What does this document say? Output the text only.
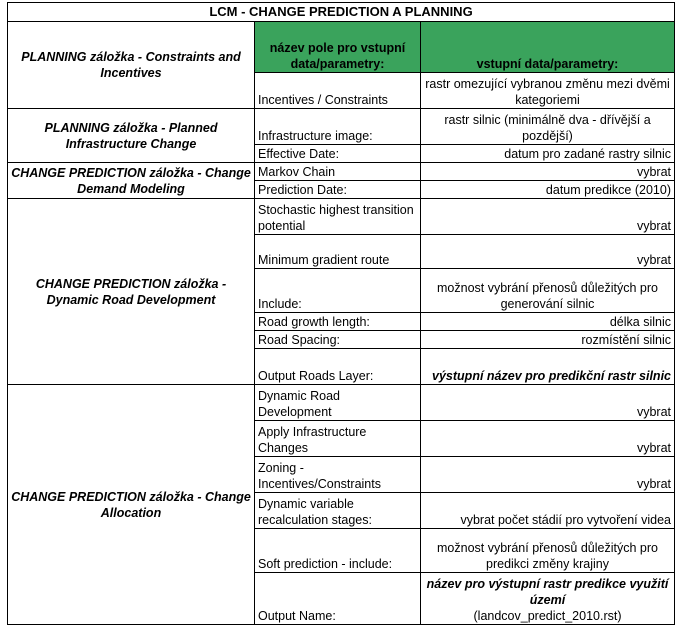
LCM - CHANGE PREDICTION A PLANNING		
PLANNING záložka - Constraints and Incentives	název pole pro vstupní data/parametry:	vstupní data/parametry:
	Incentives / Constraints	rastr omezující vybranou změnu mezi dvěmi kategoriemi
PLANNING záložka - Planned Infrastructure Change	Infrastructure image:	rastr silnic (minimálně dva - dřívější a pozdější)
	Effective Date:	datum pro zadané rastry silnic
CHANGE PREDICTION záložka - Change Demand Modeling	Markov Chain	vybrat
	Prediction Date:	datum predikce (2010)
CHANGE PREDICTION záložka - Dynamic Road Development	Stochastic highest transition potential	vybrat
	Minimum gradient route	vybrat
	Include:	možnost vybrání přenosů důležitých pro generování silnic
	Road growth length:	délka silnic
	Road Spacing:	rozmístění silnic
	Output Roads Layer:	výstupní název pro predikční rastr silnic
CHANGE PREDICTION záložka - Change Allocation	Dynamic Road Development	vybrat
	Apply Infrastructure Changes	vybrat
	Zoning - Incentives/Constraints	vybrat
	Dynamic variable recalculation stages:	vybrat počet stádií pro vytvoření videa
	Soft prediction - include:	možnost vybrání přenosů důležitých pro predikci změny krajiny
	Output Name:	název pro výstupní rastr predikce využití území
(landcov_predict_2010.rst)
